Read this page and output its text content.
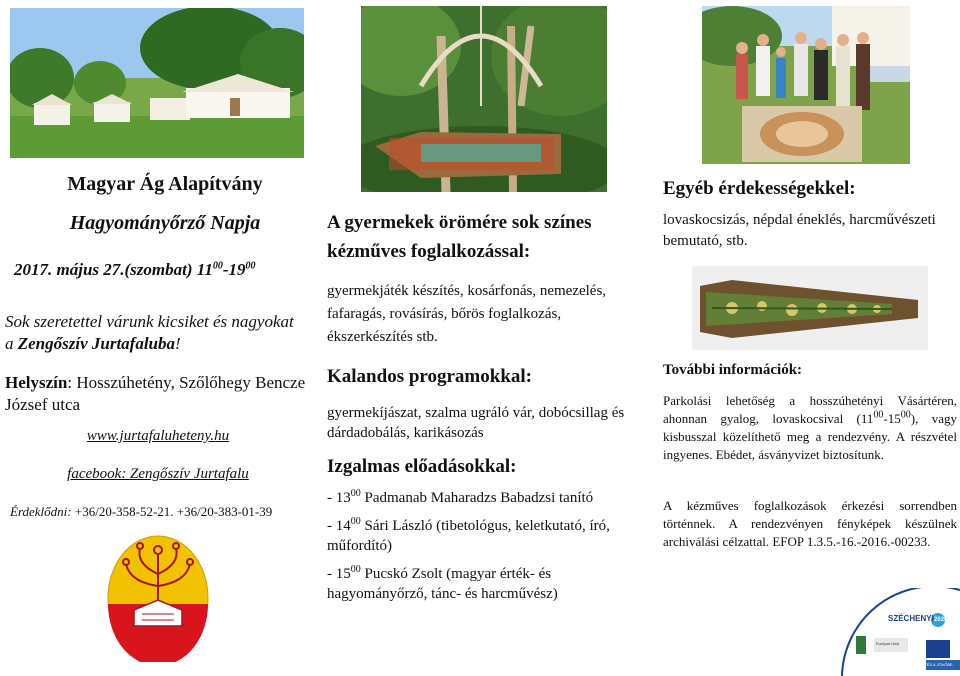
Magyar Ág Alapítvány
Hagyományőrző Napja
2017. május 27.(szombat) $11^{00}-19^{00}$
Sok szeretettel várunk kicsiket és nagyokat a Zengőszív Jurtafaluba!
Helyszín: Hosszúhetény, Szőlőhegy Bencze József utca
www.jurtafaluheteny.hu
facebook: Zengőszív Jurtafalu
Érdeklődni: +36/20-358-52-21. +36/20-383-01-39
A gyermekek örömére sok színes kézműves foglalkozással:
gyermekjáték készítés, kosárfonás, nemezelés, fafaragás, rovásírás, bőrös foglalkozás, ékszerkészítés stb.
Kalandos programokkal:
gyermekíjászat, szalma ugráló vár, dobócsillag és dárdadobálás, karikásozás
Izgalmas előadásokkal:
- $13^{00}$ Padmanab Maharadzs Babadzsi tanító
- $14^{00}$ Sári László (tibetológus, keletkutató, író, műfordító)
- $15^{00}$ Pucskó Zsolt (magyar érték- és hagyományőrző, tánc- és harcművész)
Egyéb érdekességekkel:
lovaskocsizás, népdal éneklés, harcművészeti bemutató, stb.
További információk:
Parkolási lehetőség a hosszúhetényi Vásártéren, ahonnan gyalog, lovaskocsival $(11^{00}-15^{00})$, vagy kisbusszal közelíthető meg a rendezvény. A részvétel ingyenes. Ebédet, ásványvizet biztosítunk.
A kézműves foglalkozások érkezési sorrendben történnek. A rendezvényen fényképek készülnek archiválási célzattal. EFOP 1.3.5.-16.-2016.-00233.
SZÉCHENYI 2020
Európai Unió
BEFEKTETÉS A JÖVŐBE
